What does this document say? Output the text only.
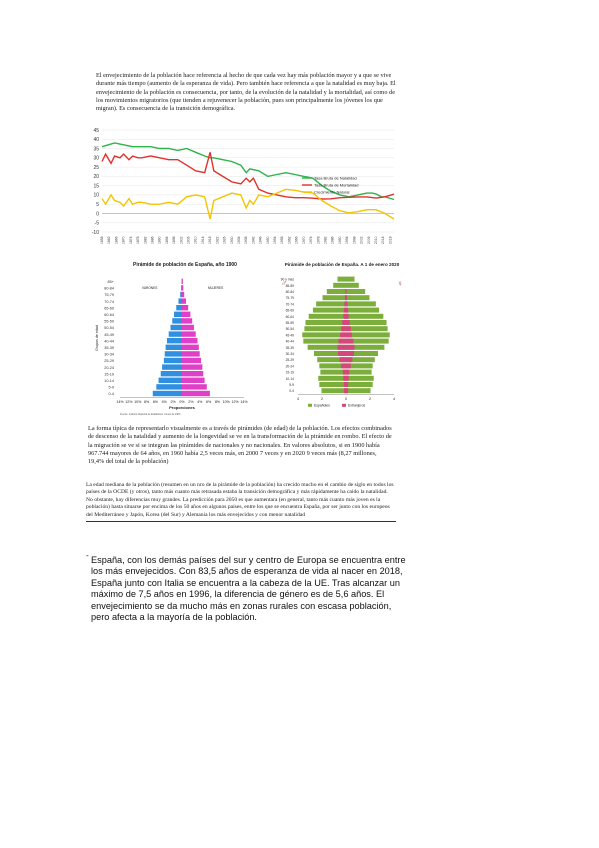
El envejecimiento de la población hace referencia al hecho de que cada vez hay más población mayor y a que se vive durante más tiempo (aumento de la esperanza de vida). Pero también hace referencia a que la natalidad es muy baja. El envejecimiento de la población es consecuencia, por tanto, de la evolución de la natalidad y la mortalidad, así como de los movimientos migratorios (que tienden a rejuvenecer la población, pues son principalmente los jóvenes los que migran). Es consecuencia de la transición demográfica.

45
40
35
30
25
20
15
10
5
0
-5
-10
1858 1862 1866 1870 1874 1878 1882 1886 1890 1894 1898 1902 1906 1910 1914 1918 1922 1926 1930 1934 1938 1942 1946 1950 1954 1958 1962 1966 1970 1974 1978 1982 1986 1990 1994 1998 2002 2006 2010 2014 2018
Tasa Bruta de Natalidad
Tasa Bruta de Mortalidad
Crecimiento Natural
Pirámide de población de España, año 1900
85+
80-84
75-79
70-74
65-69
60-64
55-59
50-54
45-49
40-44
35-39
30-34
25-29
20-24
15-19
10-14
5-9
0-4
VARONES	MUJERES
Grupos de edad
14% 12% 10% 8% 6% 4% 2% 0% 2% 4% 6% 8% 10% 12% 14%
Proporciones
Fuente: Instituto Nacional de Estadística. Censo de 1900
Pirámide de población de España. A 1 de enero 2020
90 y más
85-89
80-84
75-79
70-74
65-69
60-64
55-59
50-54
45-49
40-44
35-39
30-34
25-29
20-24
15-19
10-14
5-9
0-4
♂	♀
4	2	0	2	4
Españoles	Extranjeros

La forma típica de representarlo visualmente es a través de pirámides (de edad) de la población. Los efectos combinados de descenso de la natalidad y aumento de la longevidad se ve en la transformación de la pirámide en rombo. El efecto de la migración se ve si se integran las pirámides de nacionales y no nacionales. En valores absolutos, si en 1900 había 967.744 mayores de 64 años, en 1960 había 2,5 veces más, en 2000 7 veces y en 2020 9 veces más (8,27 millones, 19,4% del total de la población)

La edad mediana de la población (resumen en un nro de la pirámide de la población) ha crecido mucho en el cambio de siglo en todos los países de la OCDE (y otros), tanto más cuanto más retrasada estaba la transición demográfica y más rápidamente ha caído la natalidad. No obstante, hay diferencias muy grandes. La predicción para 2050 es que aumentara (en general, tanto más cuanto más joven es la población) hasta situarse por encima de los 50 años en algunos países, entre los que se encuentra España, por ser junto con los europeos del Mediterráneo y Japón, Korea (del Sur) y Alemania los más envejecidos y con menor natalidad

- España, con los demás países del sur y centro de Europa se encuentra entre los más envejecidos. Con 83,5 años de esperanza de vida al nacer en 2018, España junto con Italia se encuentra a la cabeza de la UE. Tras alcanzar un máximo de 7,5 años en 1996, la diferencia de género es de 5,6 años. El envejecimiento se da mucho más en zonas rurales con escasa población, pero afecta a la mayoría de la población.
